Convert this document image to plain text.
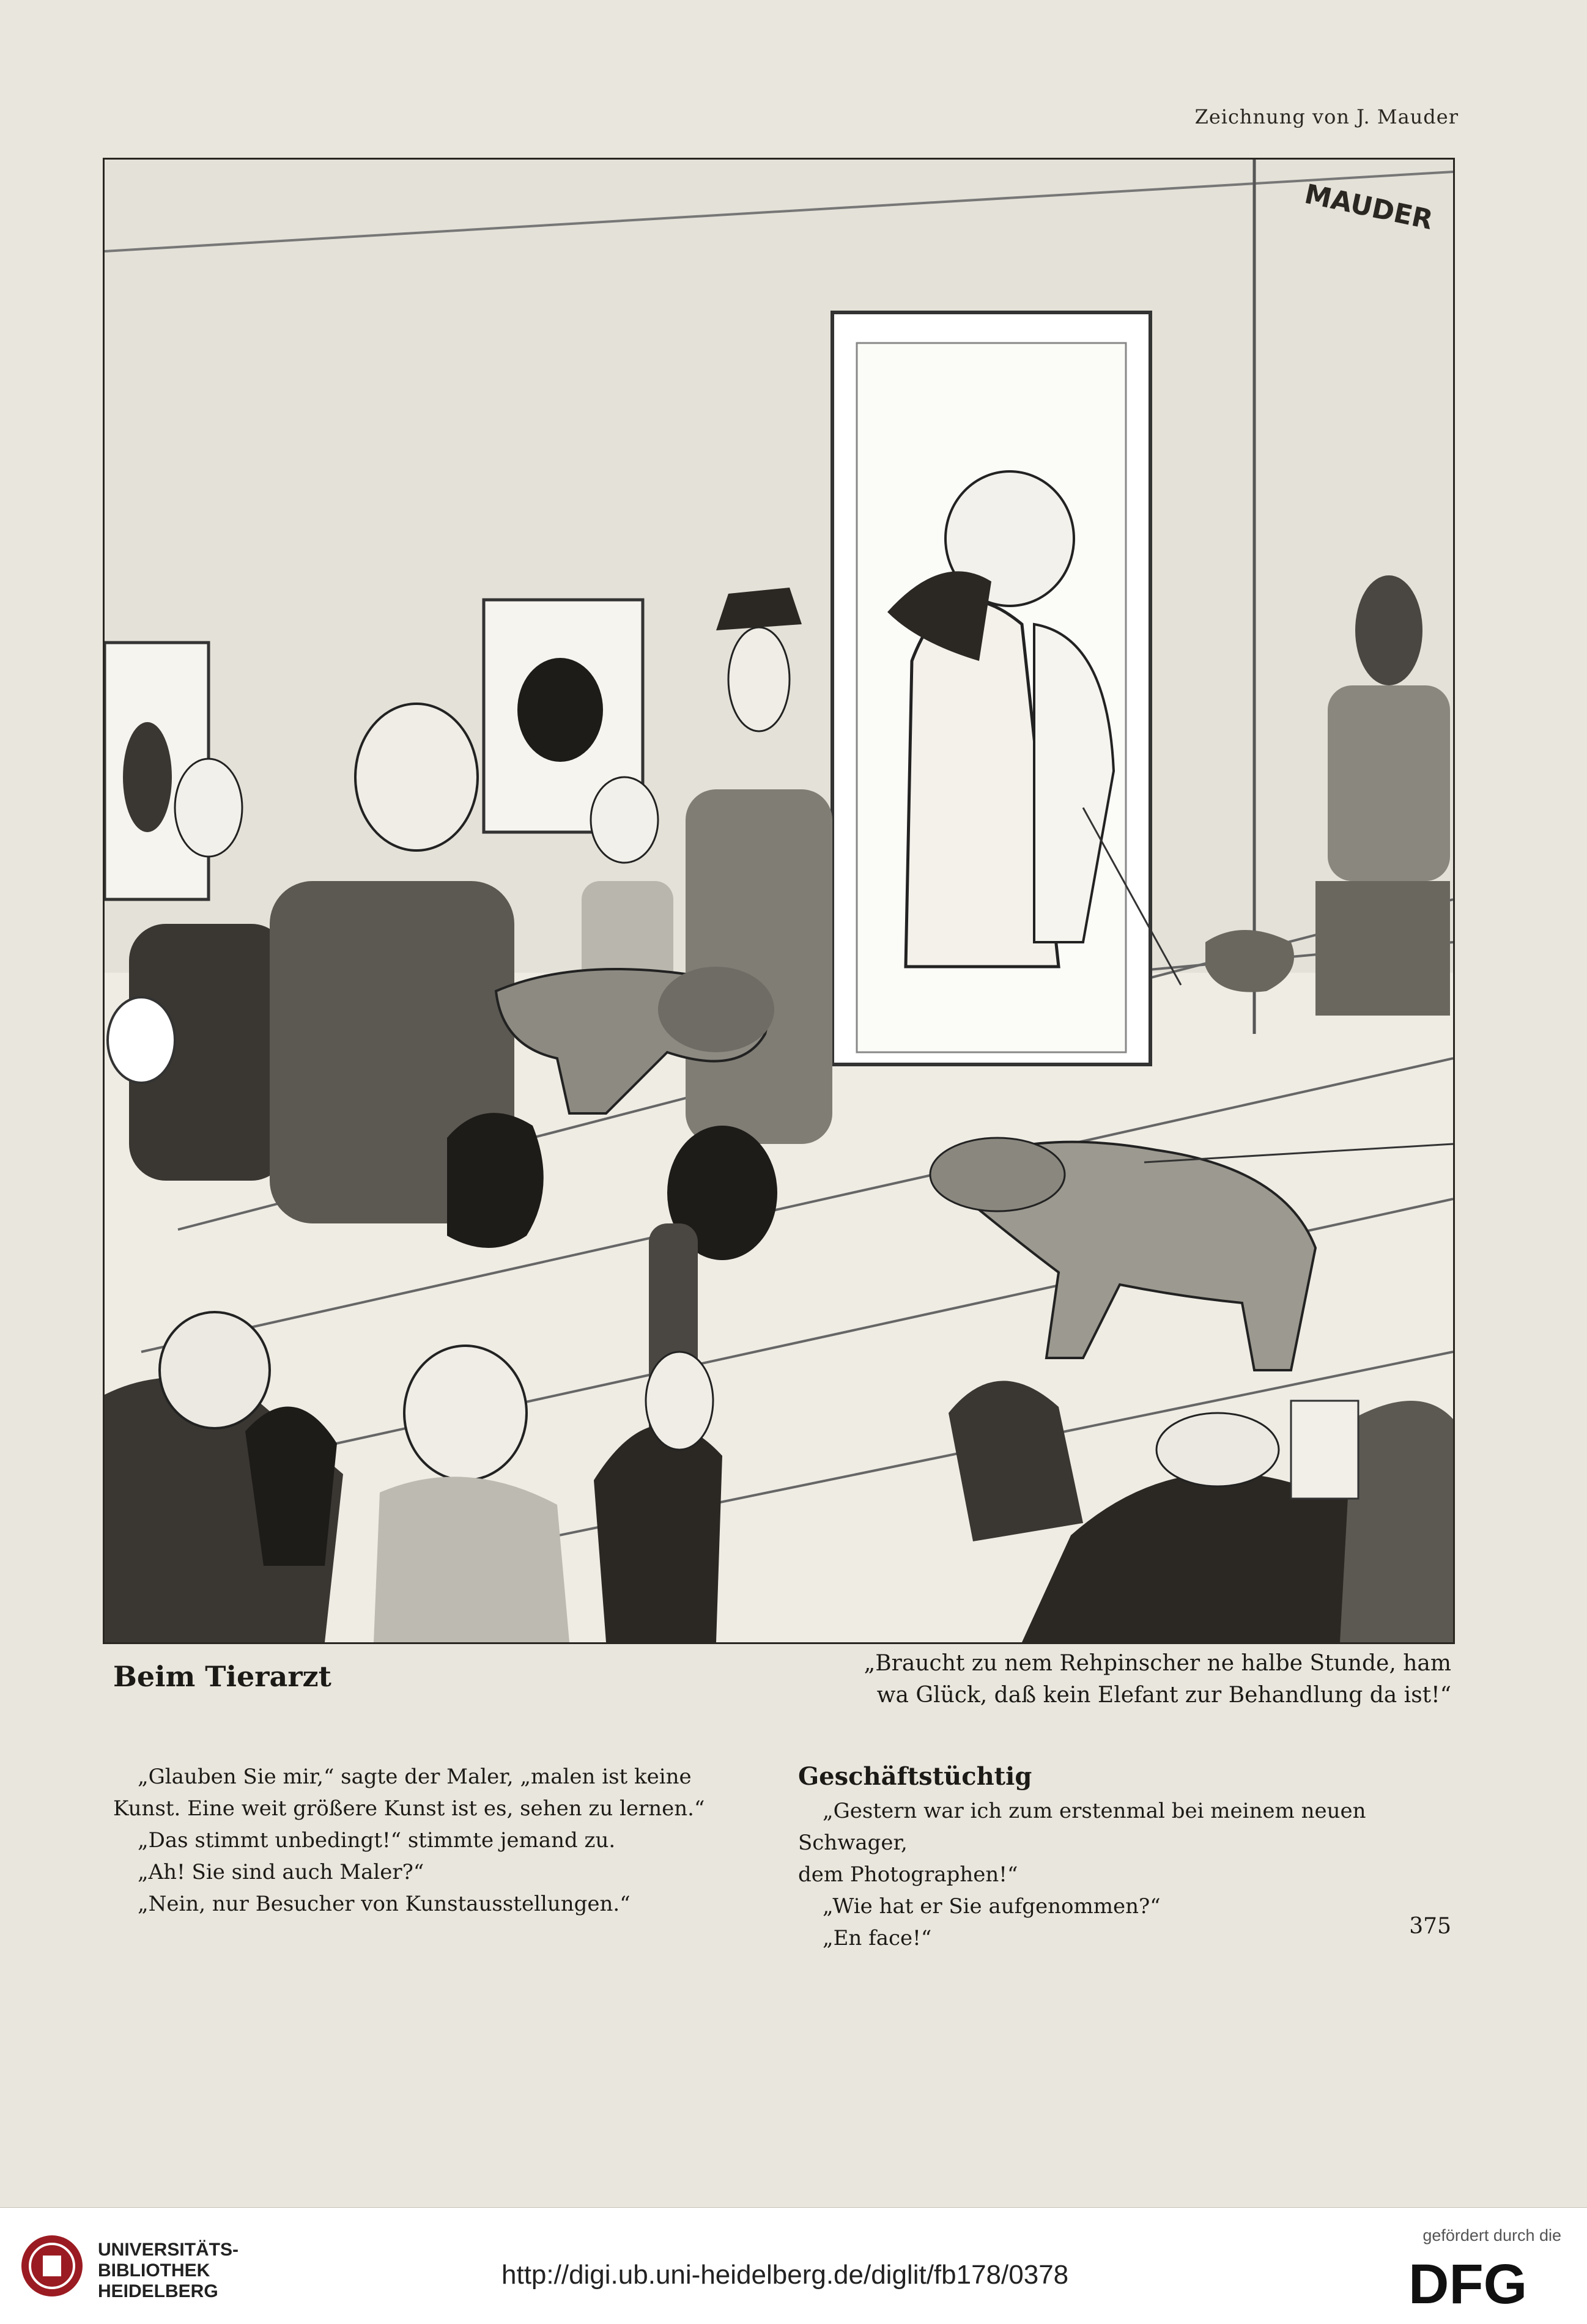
Zeichnung von J. Mauder
MAUDER
Beim Tierarzt	„Braucht zu nem Rehpinscher ne halbe Stunde, ham
wa Glück, daß kein Elefant zur Behandlung da ist!“

„Glauben Sie mir,“ sagte der Maler, „malen ist keine

Kunst. Eine weit größere Kunst ist es, sehen zu lernen.“

„Das stimmt unbedingt!“ stimmte jemand zu.

„Ah! Sie sind auch Maler?“

„Nein, nur Besucher von Kunstausstellungen.“

Geschäftstüchtig

„Gestern war ich zum erstenmal bei meinem neuen Schwager,

dem Photographen!“

„Wie hat er Sie aufgenommen?“

„En face!“	375
UNIVERSITÄTS-
BIBLIOTHEK
HEIDELBERG
http://digi.ub.uni-heidelberg.de/diglit/fb178/0378
gefördert durch die
DFG
